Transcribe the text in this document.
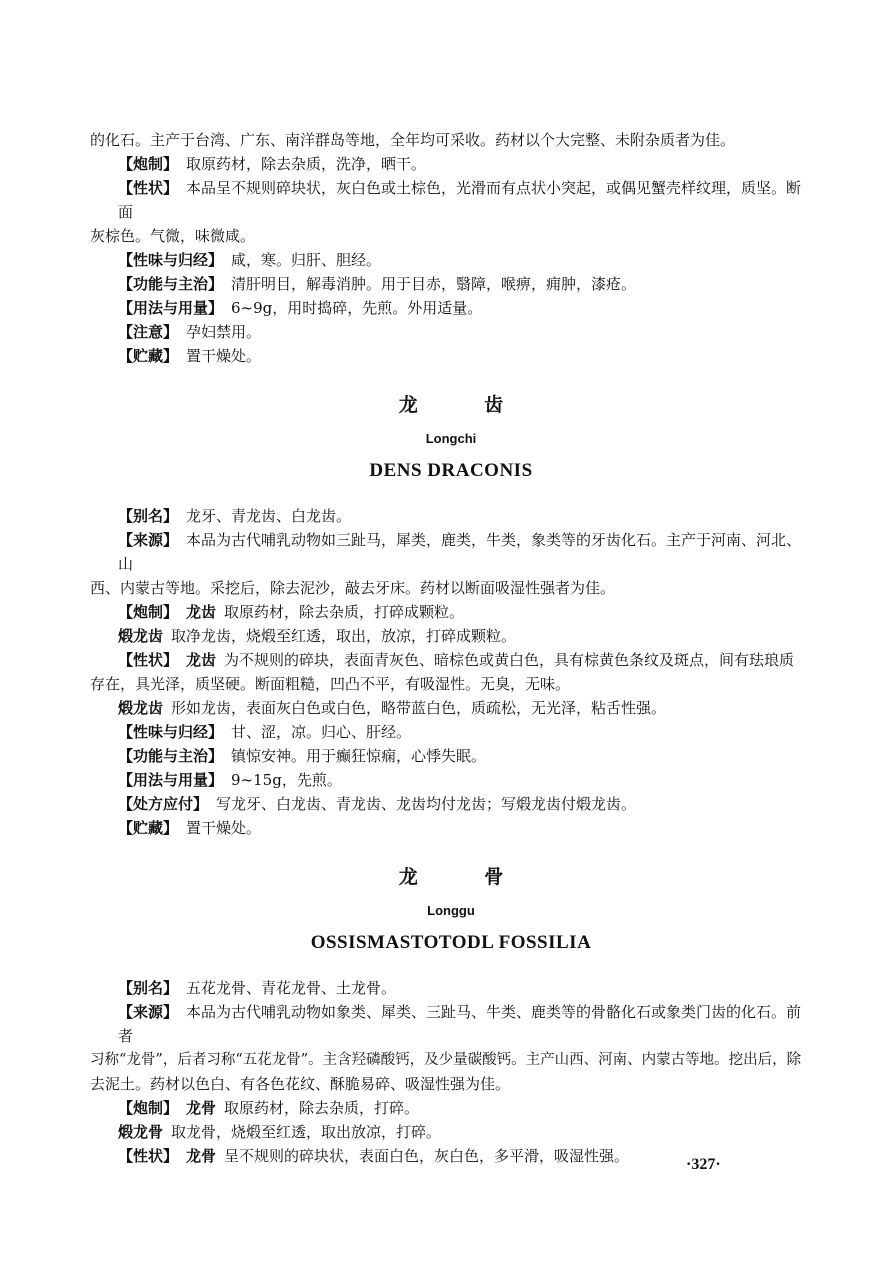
的化石。主产于台湾、广东、南洋群岛等地，全年均可采收。药材以个大完整、未附杂质者为佳。

【炮制】 取原药材，除去杂质，洗净，晒干。

【性状】 本品呈不规则碎块状，灰白色或土棕色，光滑而有点状小突起，或偶见蟹壳样纹理，质坚。断面

灰棕色。气微，味微咸。

【性味与归经】 咸，寒。归肝、胆经。

【功能与主治】 清肝明目，解毒消肿。用于目赤，翳障，喉痹，痈肿，漆疮。

【用法与用量】 6~9g，用时捣碎，先煎。外用适量。

【注意】 孕妇禁用。

【贮藏】 置干燥处。

龙 齿

Longchi

DENS DRACONIS

【别名】 龙牙、青龙齿、白龙齿。

【来源】 本品为古代哺乳动物如三趾马，犀类，鹿类，牛类，象类等的牙齿化石。主产于河南、河北、山

西、内蒙古等地。采挖后，除去泥沙，敲去牙床。药材以断面吸湿性强者为佳。

【炮制】 龙齿 取原药材，除去杂质，打碎成颗粒。

煅龙齿 取净龙齿，烧煅至红透，取出，放凉，打碎成颗粒。

【性状】 龙齿 为不规则的碎块，表面青灰色、暗棕色或黄白色，具有棕黄色条纹及斑点，间有珐琅质

存在，具光泽，质坚硬。断面粗糙，凹凸不平，有吸湿性。无臭，无味。

煅龙齿 形如龙齿，表面灰白色或白色，略带蓝白色，质疏松，无光泽，粘舌性强。

【性味与归经】 甘、涩，凉。归心、肝经。

【功能与主治】 镇惊安神。用于癫狂惊痫，心悸失眠。

【用法与用量】 9~15g，先煎。

【处方应付】 写龙牙、白龙齿、青龙齿、龙齿均付龙齿；写煅龙齿付煅龙齿。

【贮藏】 置干燥处。

龙 骨

Longgu

OSSISMASTOTODL FOSSILIA

【别名】 五花龙骨、青花龙骨、土龙骨。

【来源】 本品为古代哺乳动物如象类、犀类、三趾马、牛类、鹿类等的骨骼化石或象类门齿的化石。前者

习称“龙骨”，后者习称“五花龙骨”。主含羟磷酸钙，及少量碳酸钙。主产山西、河南、内蒙古等地。挖出后，除

去泥土。药材以色白、有各色花纹、酥脆易碎、吸湿性强为佳。

【炮制】 龙骨 取原药材，除去杂质，打碎。

煅龙骨 取龙骨，烧煅至红透，取出放凉，打碎。

【性状】 龙骨 呈不规则的碎块状，表面白色，灰白色，多平滑，吸湿性强。	·327·
